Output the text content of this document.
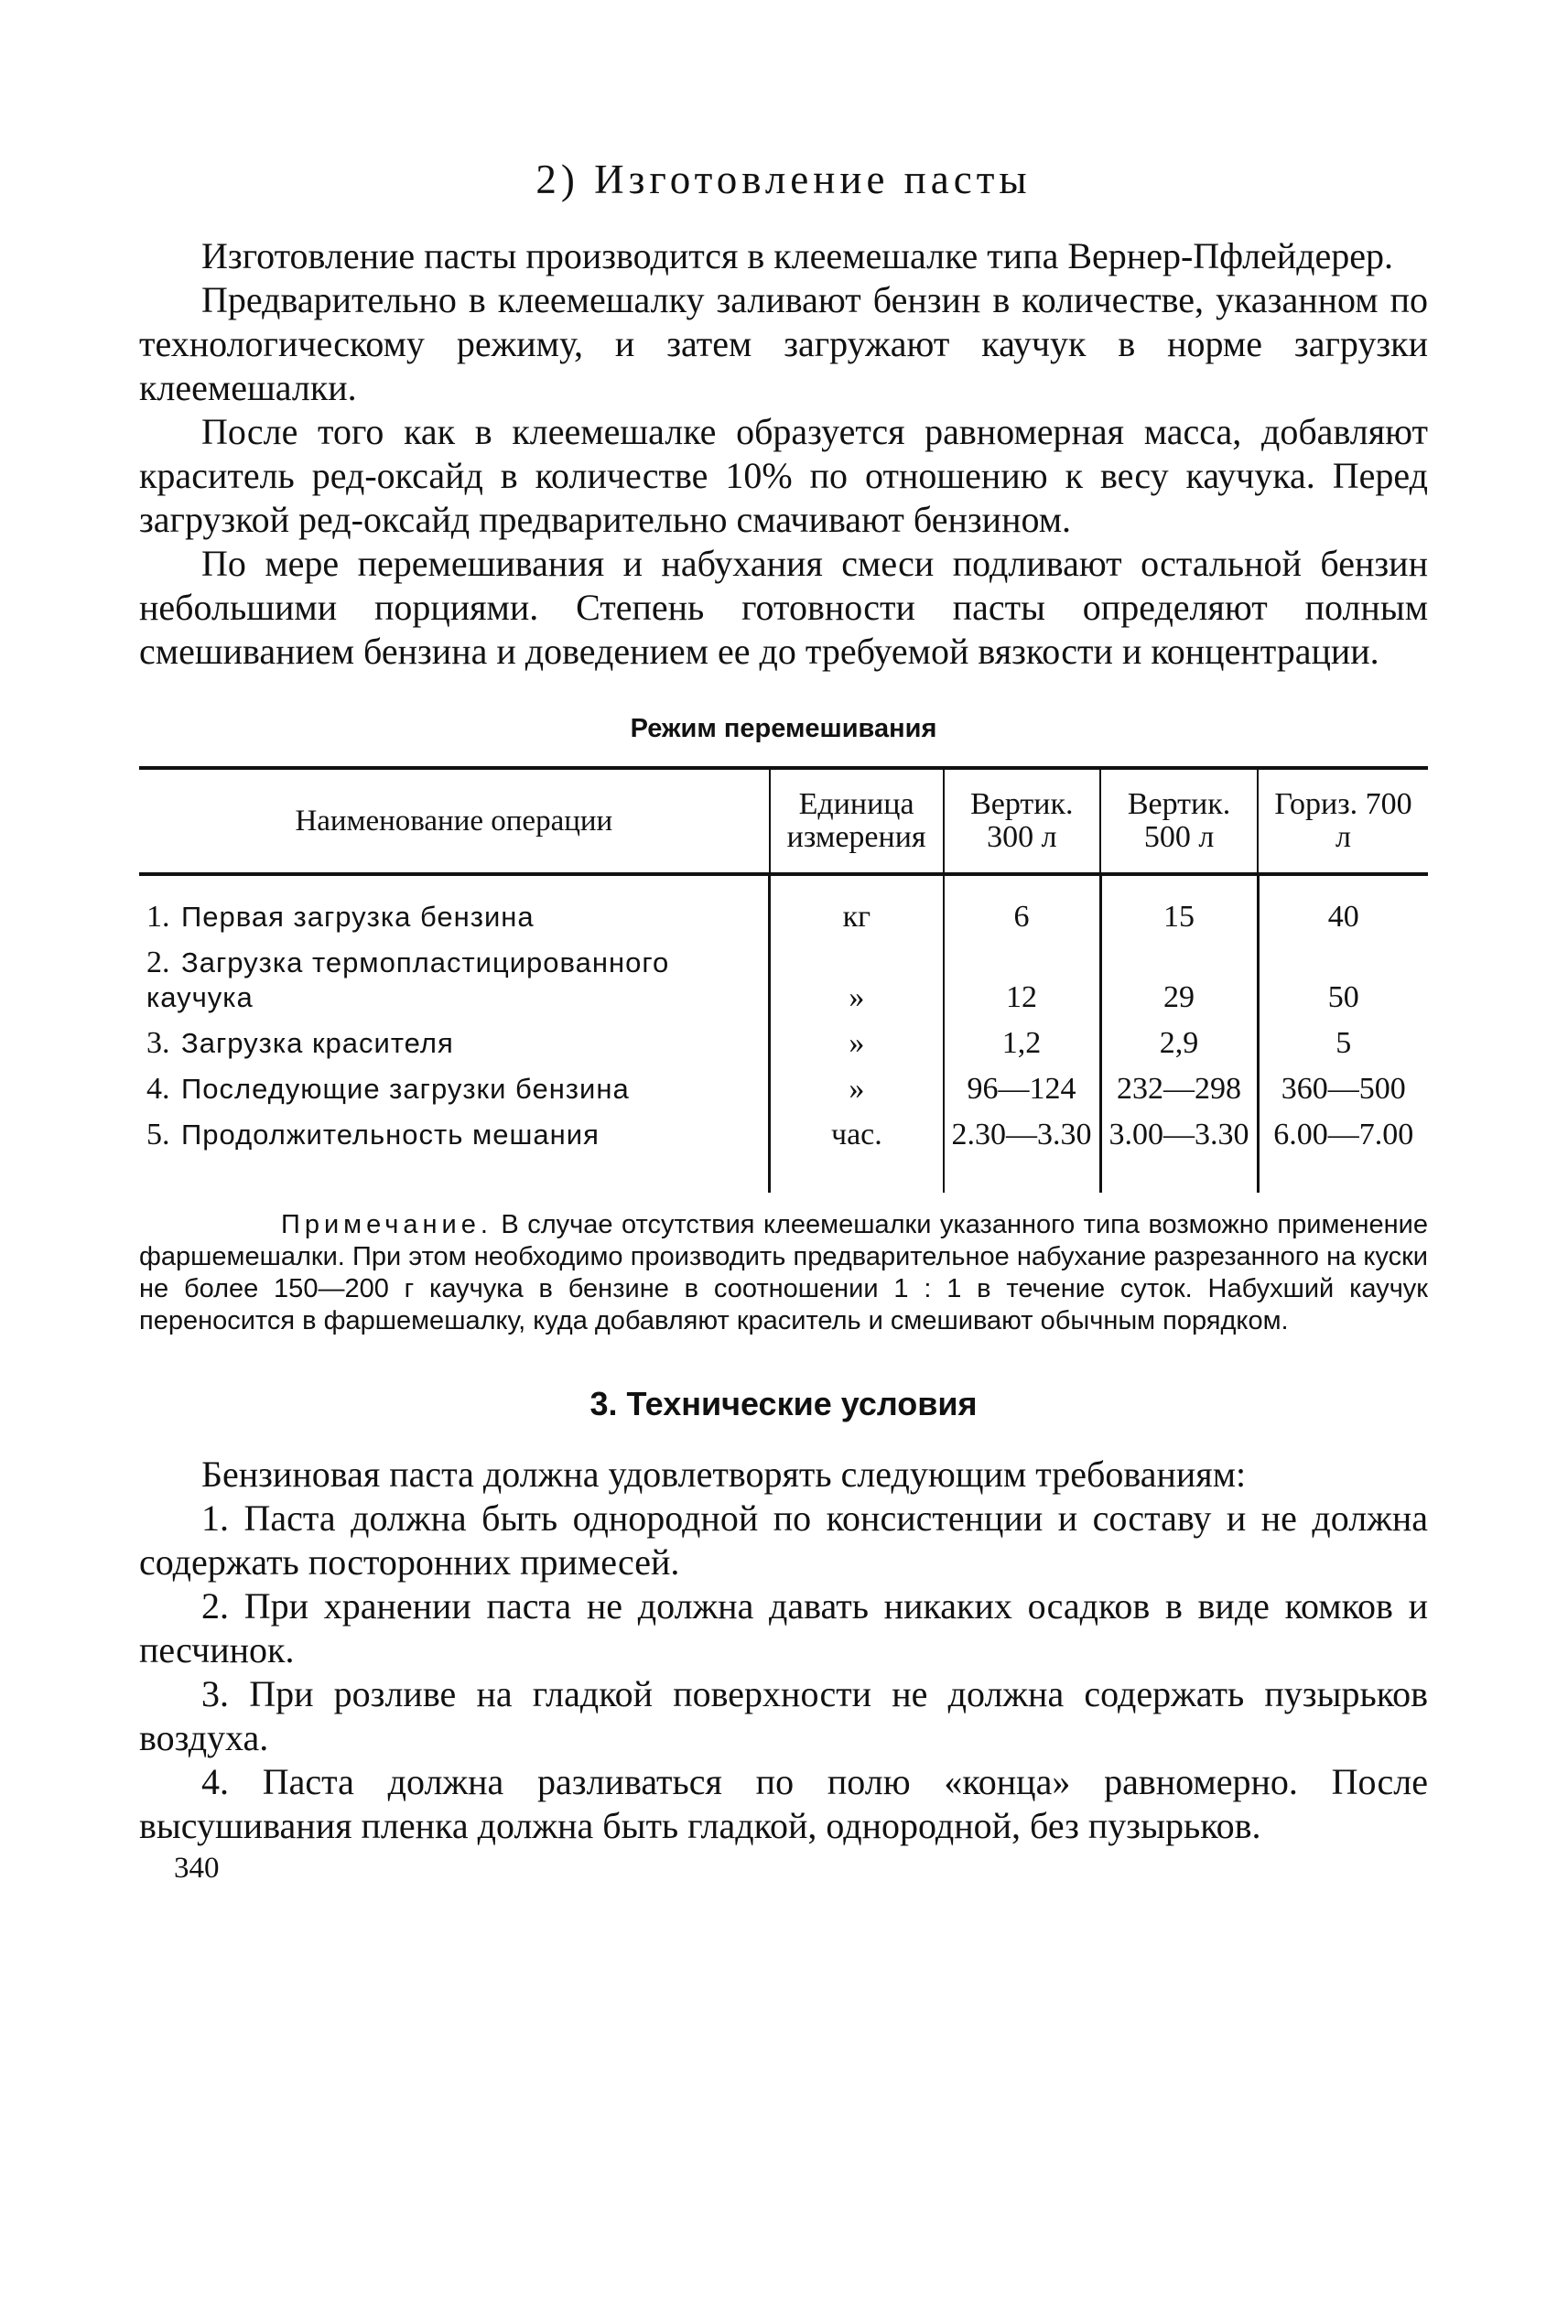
2) Изготовление пасты

Изготовление пасты производится в клеемешалке типа Вернер-Пфлейдерер.

Предварительно в клеемешалку заливают бензин в количестве, указанном по технологическому режиму, и затем загружают каучук в норме загрузки клеемешалки.

После того как в клеемешалке образуется равномерная масса, добавляют краситель ред-оксайд в количестве 10% по отношению к весу каучука. Перед загрузкой ред-оксайд предварительно смачивают бензином.

По мере перемешивания и набухания смеси подливают остальной бензин небольшими порциями. Степень готовности пасты определяют полным смешиванием бензина и доведением ее до требуемой вязкости и концентрации.

Режим перемешивания
Наименование операции	Единица измерения	Вертик. 300 л	Вертик. 500 л	Гориз. 700 л
1. Первая загрузка бензина	кг	6	15	40
2. Загрузка термопластицированного каучука	»	12	29	50
3. Загрузка красителя	»	1,2	2,9	5
4. Последующие загрузки бензина	»	96—124	232—298	360—500
5. Продолжительность мешания	час.	2.30—3.30	3.00—3.30	6.00—7.00

Примечание. В случае отсутствия клеемешалки указанного типа возможно применение фаршемешалки. При этом необходимо производить предварительное набухание разрезанного на куски не более 150—200 г каучука в бензине в соотношении 1 : 1 в течение суток. Набухший каучук переносится в фаршемешалку, куда добавляют краситель и смешивают обычным порядком.

3. Технические условия

Бензиновая паста должна удовлетворять следующим требованиям:

1. Паста должна быть однородной по консистенции и составу и не должна содержать посторонних примесей.

2. При хранении паста не должна давать никаких осадков в виде комков и песчинок.

3. При розливе на гладкой поверхности не должна содержать пузырьков воздуха.

4. Паста должна разливаться по полю «конца» равномерно. После высушивания пленка должна быть гладкой, однородной, без пузырьков.

340
